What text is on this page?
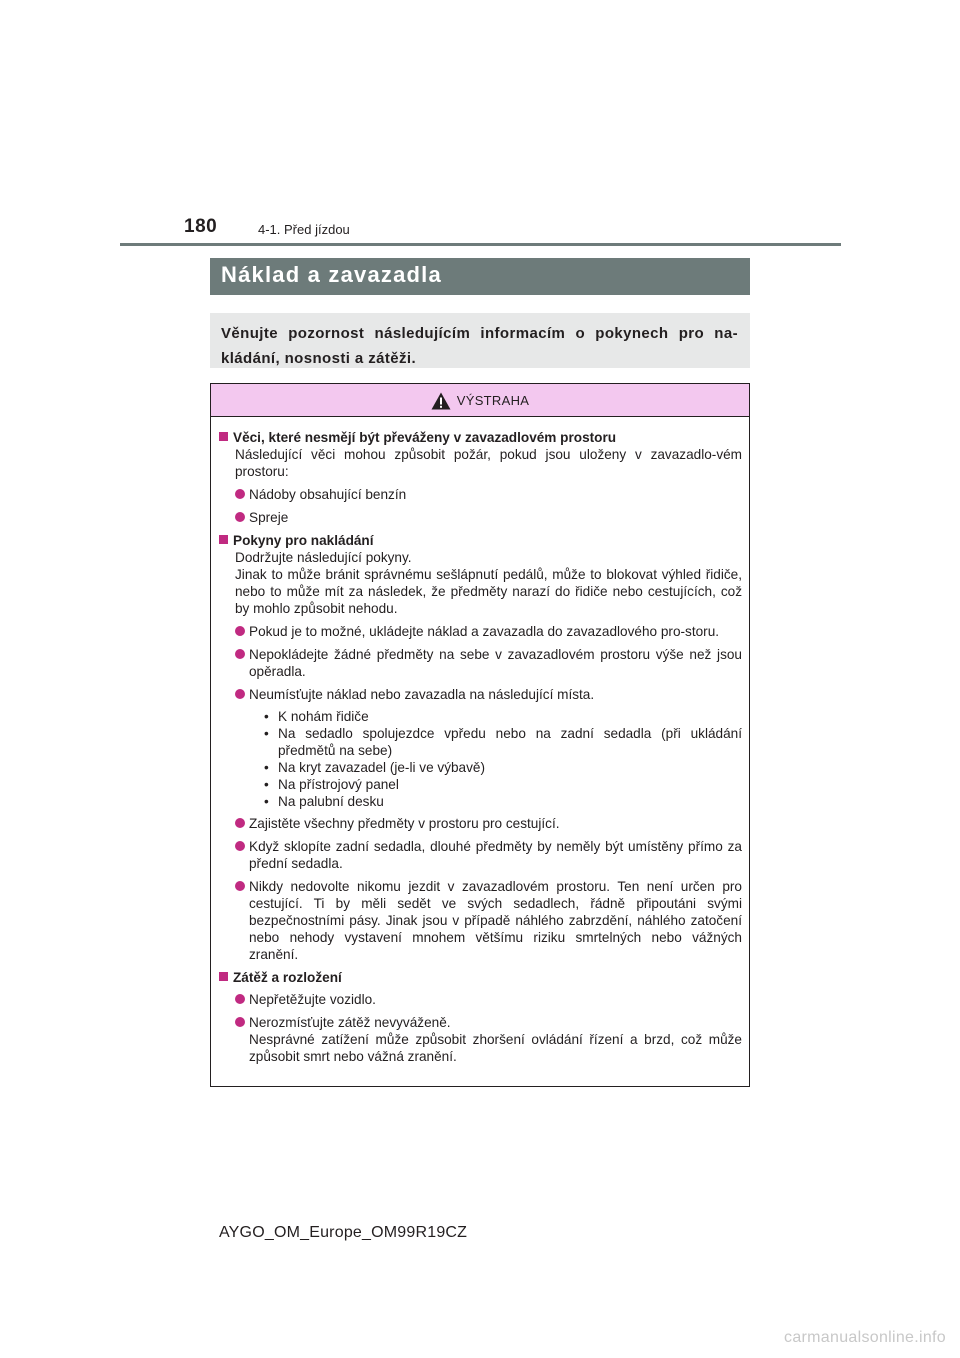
180	4-1. Před jízdou
Náklad a zavazadla
Věnujte pozornost následujícím informacím o pokynech pro na-kládání, nosnosti a zátěži.
VÝSTRAHA
Věci, které nesmějí být převáženy v zavazadlovém prostoru
Následující věci mohou způsobit požár, pokud jsou uloženy v zavazadlo-vém prostoru:
Nádoby obsahující benzín
Spreje
Pokyny pro nakládání
Dodržujte následující pokyny.
Jinak to může bránit správnému sešlápnutí pedálů, může to blokovat výhled řidiče, nebo to může mít za následek, že předměty narazí do řidiče nebo cestujících, což by mohlo způsobit nehodu.
Pokud je to možné, ukládejte náklad a zavazadla do zavazadlového pro-storu.
Nepokládejte žádné předměty na sebe v zavazadlovém prostoru výše než jsou opěradla.
Neumísťujte náklad nebo zavazadla na následující místa.
• K nohám řidiče
• Na sedadlo spolujezdce vpředu nebo na zadní sedadla (při ukládání předmětů na sebe)
• Na kryt zavazadel (je-li ve výbavě)
• Na přístrojový panel
• Na palubní desku
Zajistěte všechny předměty v prostoru pro cestující.
Když sklopíte zadní sedadla, dlouhé předměty by neměly být umístěny přímo za přední sedadla.
Nikdy nedovolte nikomu jezdit v zavazadlovém prostoru. Ten není určen pro cestující. Ti by měli sedět ve svých sedadlech, řádně připoutáni svými bezpečnostními pásy. Jinak jsou v případě náhlého zabrzdění, náhlého zatočení nebo nehody vystavení mnohem většímu riziku smrtelných nebo vážných zranění.
Zátěž a rozložení
Nepřetěžujte vozidlo.
Nerozmísťujte zátěž nevyváženě.
Nesprávné zatížení může způsobit zhoršení ovládání řízení a brzd, což může způsobit smrt nebo vážná zranění.
AYGO_OM_Europe_OM99R19CZ
carmanualsonline.info
